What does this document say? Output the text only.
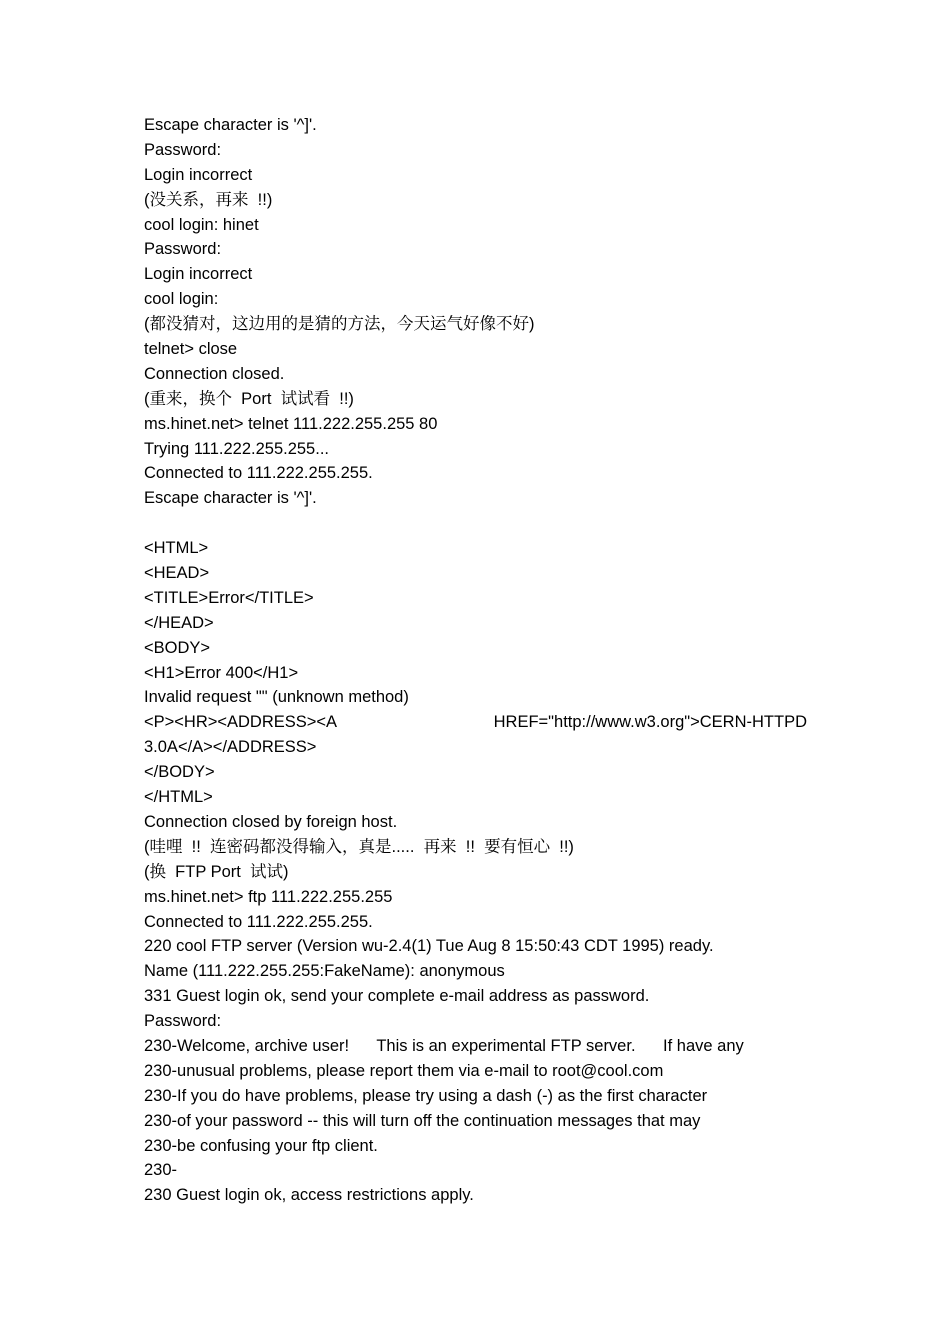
Escape character is '^]'.
Password:
Login incorrect
(没关系，再来  !!)
cool login: hinet
Password:
Login incorrect
cool login:
(都没猜对，这边用的是猜的方法，今天运气好像不好)
telnet> close
Connection closed.
(重来，换个  Port  试试看  !!)
ms.hinet.net> telnet 111.222.255.255 80
Trying 111.222.255.255...
Connected to 111.222.255.255.
Escape character is '^]'.
<HTML>
<HEAD>
<TITLE>Error</TITLE>
</HEAD>
<BODY>
<H1>Error 400</H1>
Invalid request "" (unknown method)
<P><HR><ADDRESS><A	HREF="http://www.w3.org">CERN-HTTPD
3.0A</A></ADDRESS>
</BODY>
</HTML>
Connection closed by foreign host.
(哇哩  !!  连密码都没得输入，真是.....  再来  !!  要有恒心  !!)
(换  FTP Port  试试)
ms.hinet.net> ftp 111.222.255.255
Connected to 111.222.255.255.
220 cool FTP server (Version wu-2.4(1) Tue Aug 8 15:50:43 CDT 1995) ready.
Name (111.222.255.255:FakeName): anonymous
331 Guest login ok, send your complete e-mail address as password.
Password:
230-Welcome, archive user!      This is an experimental FTP server.      If have any
230-unusual problems, please report them via e-mail to root@cool.com
230-If you do have problems, please try using a dash (-) as the first character
230-of your password -- this will turn off the continuation messages that may
230-be confusing your ftp client.
230-
230 Guest login ok, access restrictions apply.
